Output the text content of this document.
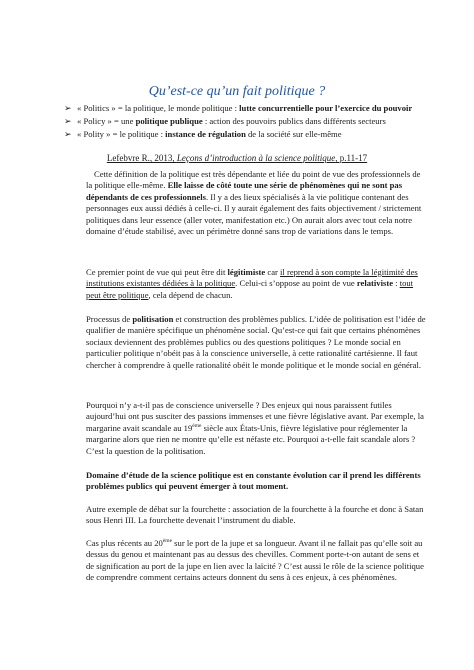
Qu’est-ce qu’un fait politique ?
➢ « Politics » = la politique, le monde politique : lutte concurrentielle pour l’exercice du pouvoir
➢ « Policy » = une politique publique : action des pouvoirs publics dans différents secteurs
➢ « Polity » = le politique : instance de régulation de la société sur elle-même
Lefebvre R., 2013, Leçons d’introduction à la science politique, p.11-17

Cette définition de la politique est très dépendante et liée du point de vue des professionnels de la politique elle-même. Elle laisse de côté toute une série de phénomènes qui ne sont pas dépendants de ces professionnels. Il y a des lieux spécialisés à la vie politique contenant des personnages eux aussi dédiés à celle-ci. Il y aurait également des faits objectivement / strictement politiques dans leur essence (aller voter, manifestation etc.) On aurait alors avec tout cela notre domaine d’étude stabilisé, avec un périmètre donné sans trop de variations dans le temps.

Ce premier point de vue qui peut être dit légitimiste car il reprend à son compte la légitimité des institutions existantes dédiées à la politique. Celui-ci s’oppose au point de vue relativiste : tout peut être politique, cela dépend de chacun.

Processus de politisation et construction des problèmes publics. L’idée de politisation est l’idée de qualifier de manière spécifique un phénomène social. Qu’est-ce qui fait que certains phénomènes sociaux deviennent des problèmes publics ou des questions politiques ? Le monde social en particulier politique n’obéit pas à la conscience universelle, à cette rationalité cartésienne. Il faut chercher à comprendre à quelle rationalité obéit le monde politique et le monde social en général.

Pourquoi n’y a-t-il pas de conscience universelle ? Des enjeux qui nous paraissent futiles aujourd’hui ont pus susciter des passions immenses et une fièvre législative avant. Par exemple, la margarine avait scandale au 19ème siècle aux États-Unis, fièvre législative pour réglementer la margarine alors que rien ne montre qu’elle est néfaste etc. Pourquoi a-t-elle fait scandale alors ? C’est la question de la politisation.

Domaine d’étude de la science politique est en constante évolution car il prend les différents problèmes publics qui peuvent émerger à tout moment.

Autre exemple de débat sur la fourchette : association de la fourchette à la fourche et donc à Satan sous Henri III. La fourchette devenait l’instrument du diable.

Cas plus récents au 20ème sur le port de la jupe et sa longueur. Avant il ne fallait pas qu’elle soit au dessus du genou et maintenant pas au dessus des chevilles. Comment porte-t-on autant de sens et de signification au port de la jupe en lien avec la laïcité ? C’est aussi le rôle de la science politique de comprendre comment certains acteurs donnent du sens à ces enjeux, à ces phénomènes.
